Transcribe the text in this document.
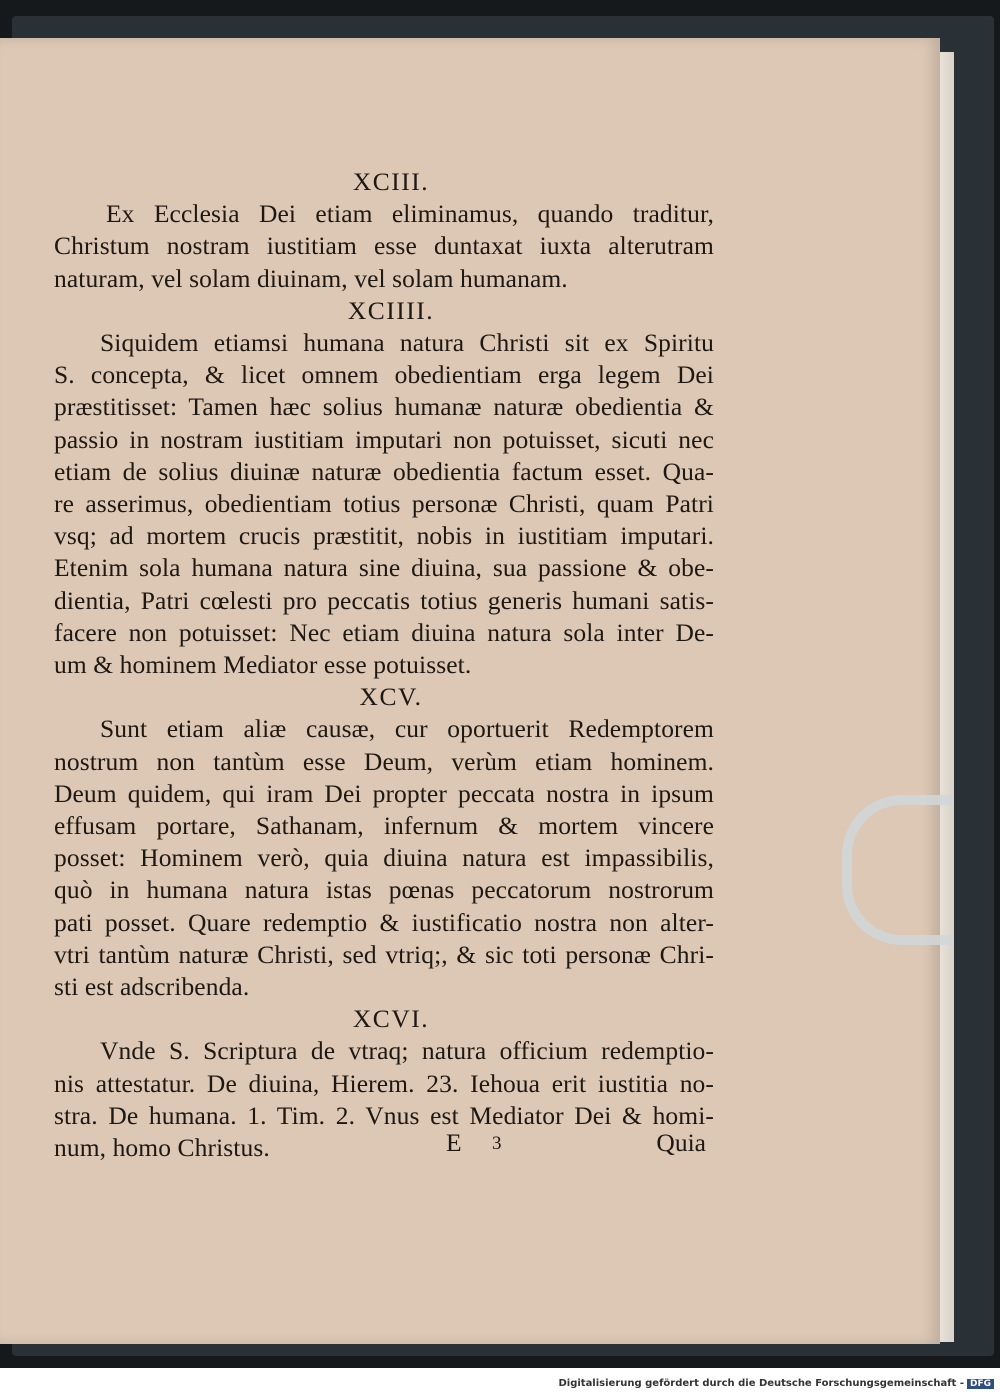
XCIII.
Ex Ecclesia Dei etiam eliminamus, quando traditur,
Christum nostram iustitiam esse duntaxat iuxta alterutram
naturam, vel solam diuinam, vel solam humanam.
XCIIII.
Siquidem etiamsi humana natura Christi sit ex Spiritu
S. concepta, & licet omnem obedientiam erga legem Dei
præstitisset: Tamen hæc solius humanæ naturæ obedientia &
passio in nostram iustitiam imputari non potuisset, sicuti nec
etiam de solius diuinæ naturæ obedientia factum esset. Qua-
re asserimus, obedientiam totius personæ Christi, quam Patri
vsq; ad mortem crucis præstitit, nobis in iustitiam imputari.
Etenim sola humana natura sine diuina, sua passione & obe-
dientia, Patri cœlesti pro peccatis totius generis humani satis-
facere non potuisset: Nec etiam diuina natura sola inter De-
um & hominem Mediator esse potuisset.
XCV.
Sunt etiam aliæ causæ, cur oportuerit Redemptorem
nostrum non tantùm esse Deum, verùm etiam hominem.
Deum quidem, qui iram Dei propter peccata nostra in ipsum
effusam portare, Sathanam, infernum & mortem vincere
posset: Hominem verò, quia diuina natura est impassibilis,
quò in humana natura istas pœnas peccatorum nostrorum
pati posset. Quare redemptio & iustificatio nostra non alter-
vtri tantùm naturæ Christi, sed vtriq;, & sic toti personæ Chri-
sti est adscribenda.
XCVI.
Vnde S. Scriptura de vtraq; natura officium redemptio-
nis attestatur. De diuina, Hierem. 23. Iehoua erit iustitia no-
stra. De humana. 1. Tim. 2. Vnus est Mediator Dei & homi-
num, homo Christus.	E 3	Quia
Digitalisierung gefördert durch die Deutsche Forschungsgemeinschaft - DFG
